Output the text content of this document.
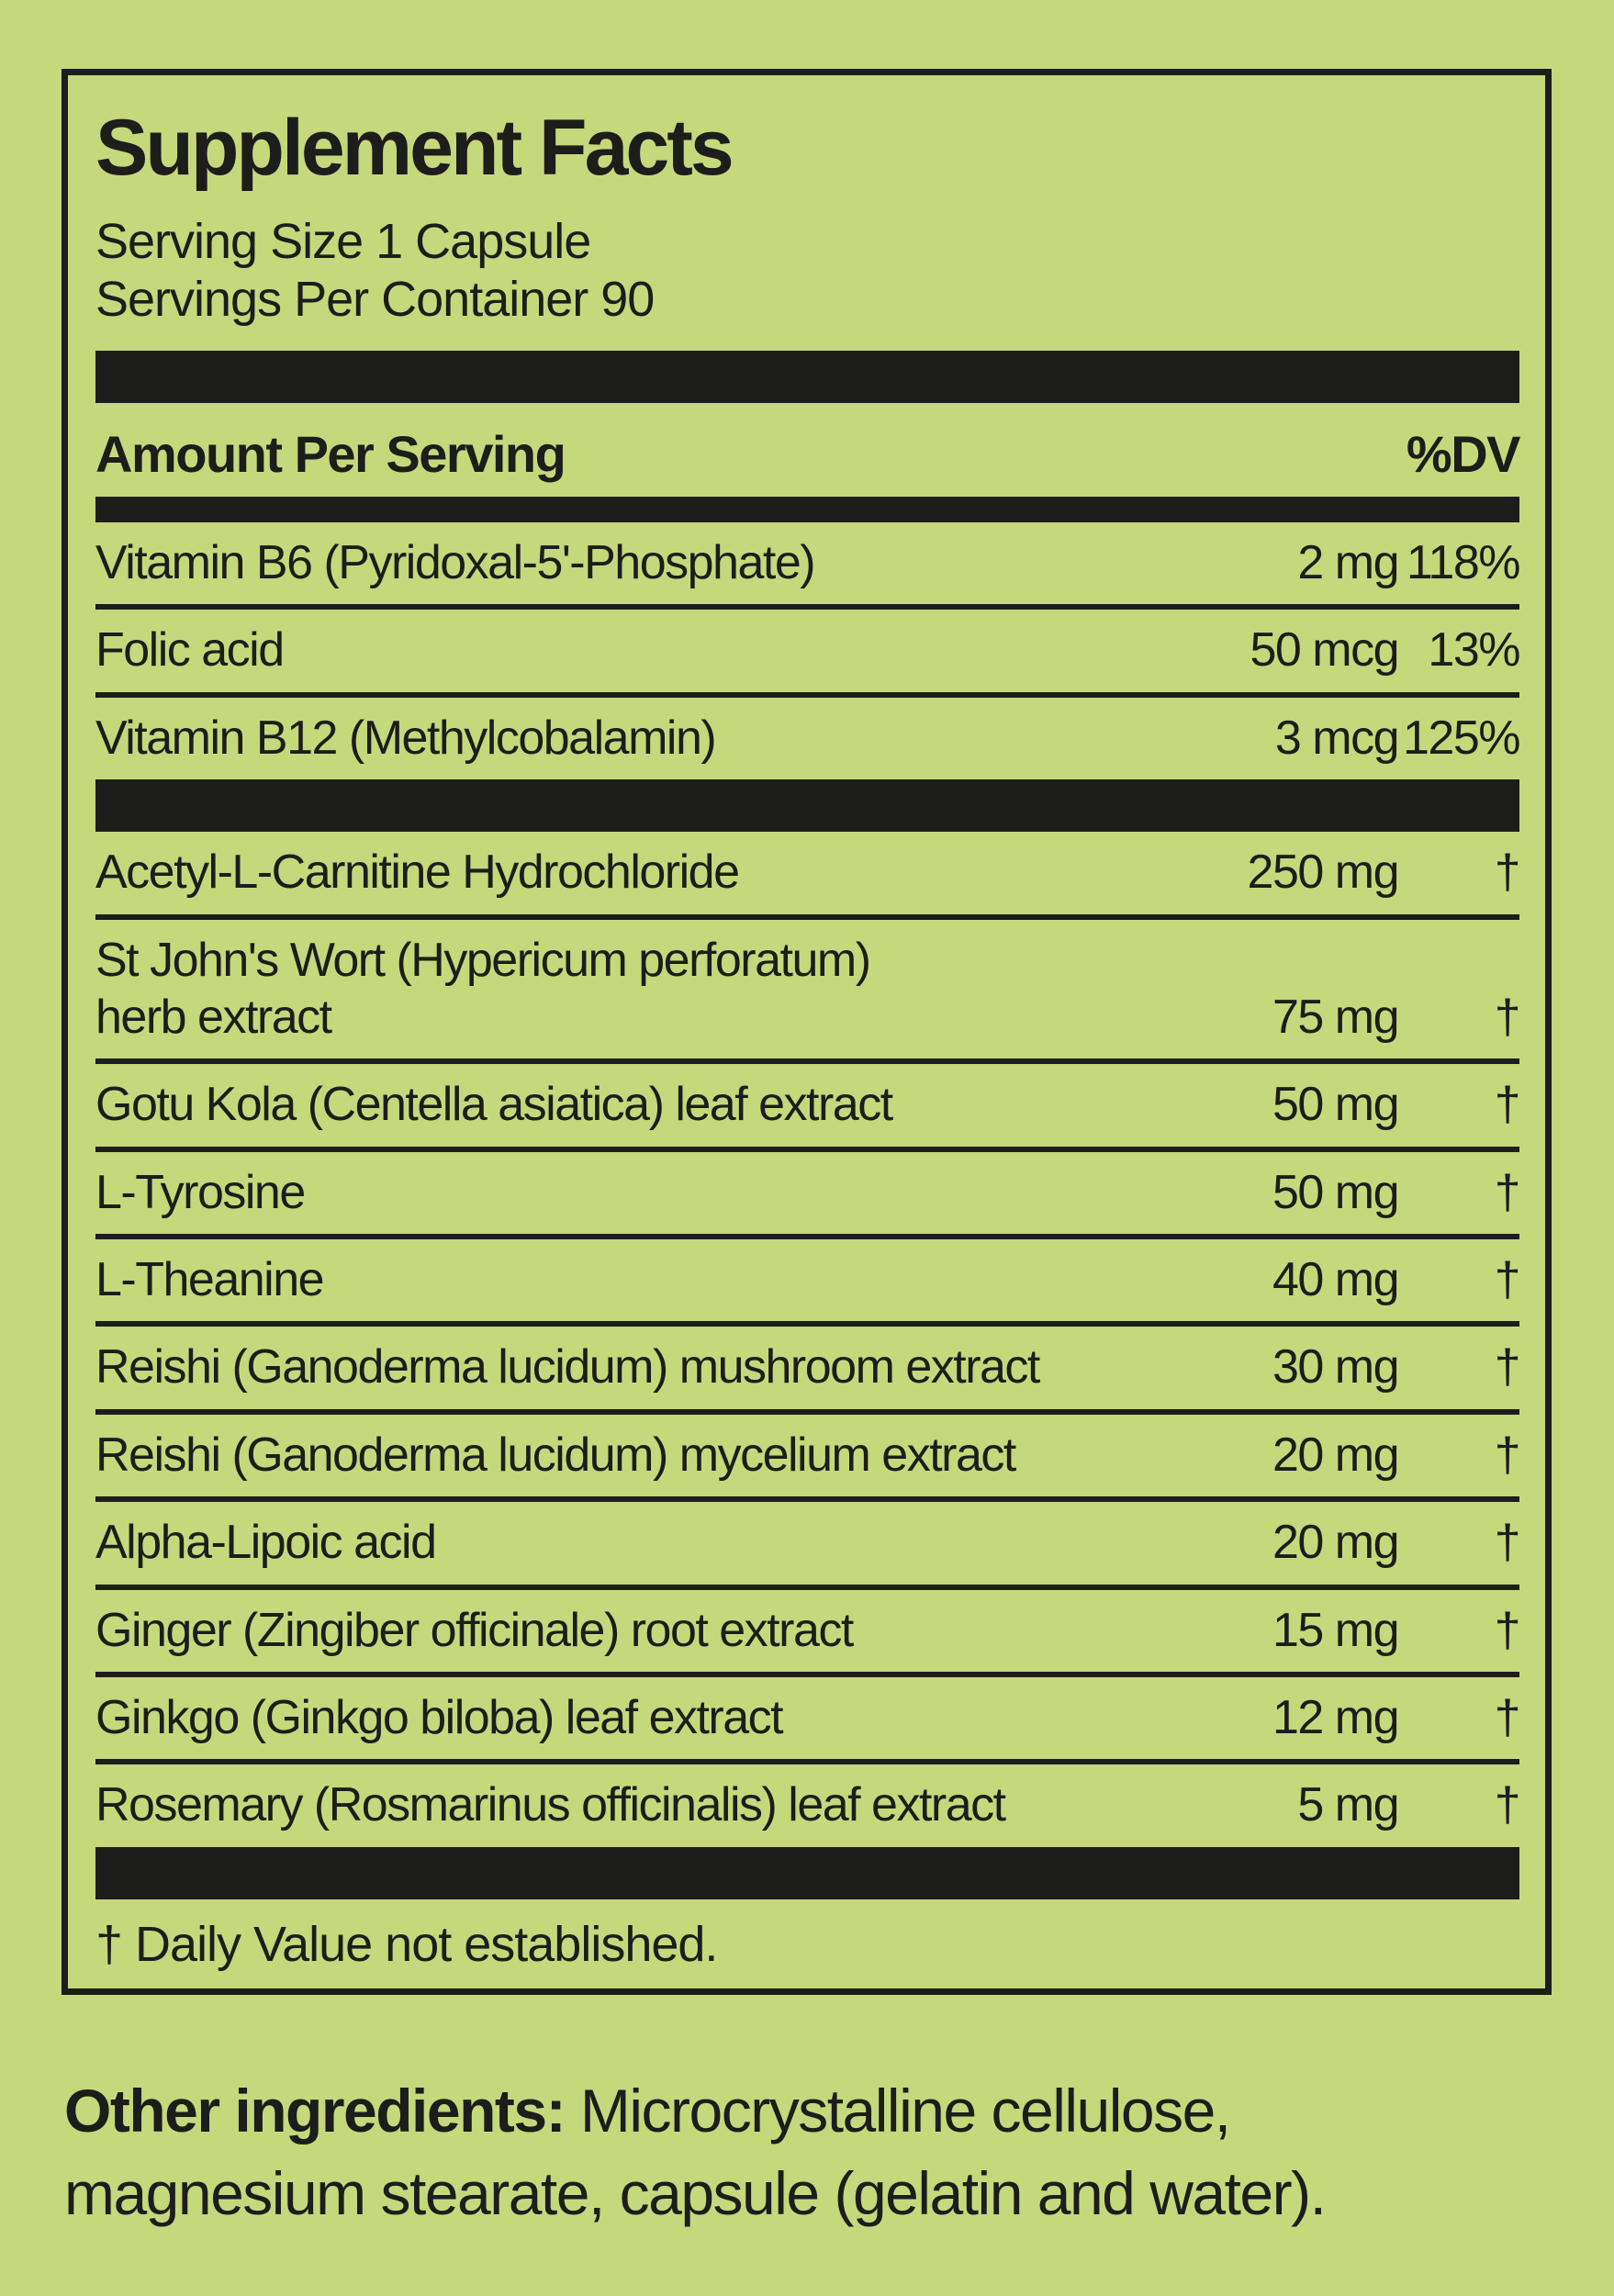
Supplement Facts
Serving Size 1 Capsule
Servings Per Container 90
Amount Per Serving	%DV
Vitamin B6 (Pyridoxal-5'-Phosphate)	2 mg 118%
Folic acid	50 mcg 13%
Vitamin B12 (Methylcobalamin)	3 mcg 125%
Acetyl-L-Carnitine Hydrochloride	250 mg	†
St John's Wort (Hypericum perforatum)
herb extract	75 mg	†
Gotu Kola (Centella asiatica) leaf extract	50 mg	†
L-Tyrosine	50 mg	†
L-Theanine	40 mg	†
Reishi (Ganoderma lucidum) mushroom extract	30 mg	†
Reishi (Ganoderma lucidum) mycelium extract	20 mg	†
Alpha-Lipoic acid	20 mg	†
Ginger (Zingiber officinale) root extract	15 mg	†
Ginkgo (Ginkgo biloba) leaf extract	12 mg	†
Rosemary (Rosmarinus officinalis) leaf extract	5 mg	†
† Daily Value not established.

Other ingredients: Microcrystalline cellulose, magnesium stearate, capsule (gelatin and water).
